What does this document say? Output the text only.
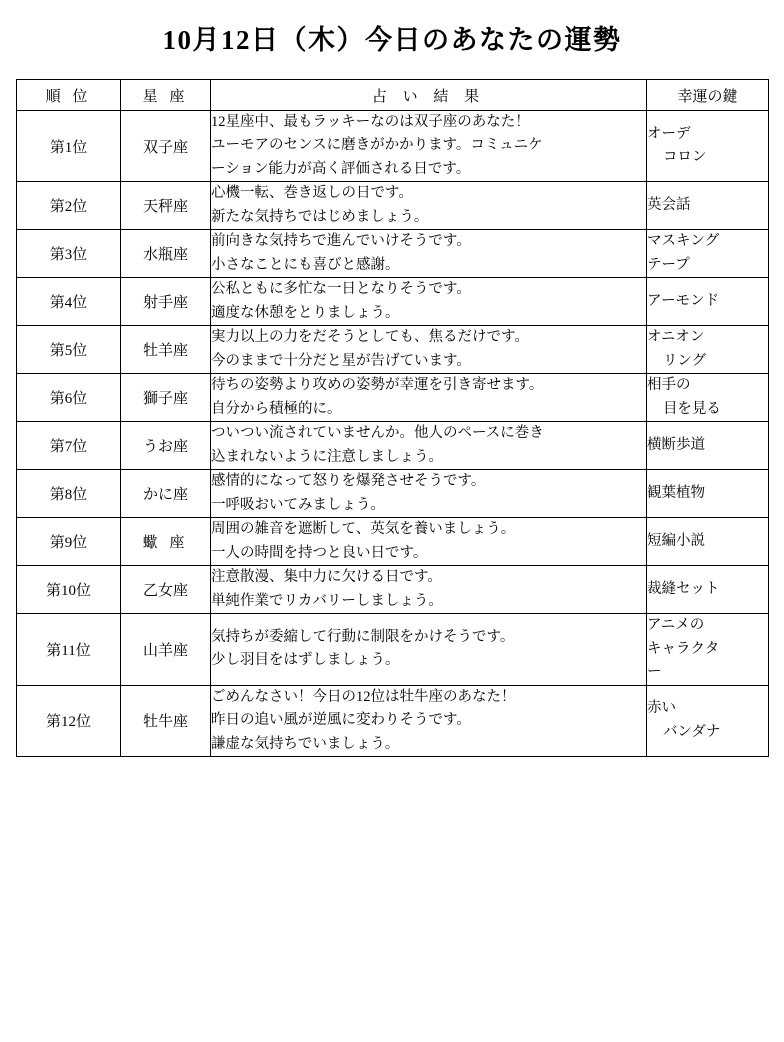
10月12日（木）今日のあなたの運勢
順 位	星 座	占 い 結 果	幸運の鍵
第1位	双子座	12星座中、最もラッキーなのは双子座のあなた！
ユーモアのセンスに磨きがかかります。コミュニケ
ーション能力が高く評価される日です。	オーデ
コロン

第2位	天秤座	心機一転、巻き返しの日です。
新たな気持ちではじめましょう。	英会話

第3位	水瓶座	前向きな気持ちで進んでいけそうです。
小さなことにも喜びと感謝。	マスキング
テープ

第4位	射手座	公私ともに多忙な一日となりそうです。
適度な休憩をとりましょう。	アーモンド

第5位	牡羊座	実力以上の力をだそうとしても、焦るだけです。
今のままで十分だと星が告げています。	オニオン
リング

第6位	獅子座	待ちの姿勢より攻めの姿勢が幸運を引き寄せます。
自分から積極的に。	相手の
目を見る

第7位	うお座	ついつい流されていませんか。他人のペースに巻き
込まれないように注意しましょう。	横断歩道

第8位	かに座	感情的になって怒りを爆発させそうです。
一呼吸おいてみましょう。	観葉植物

第9位	蠍 座	周囲の雑音を遮断して、英気を養いましょう。
一人の時間を持つと良い日です。	短編小説

第10位	乙女座	注意散漫、集中力に欠ける日です。
単純作業でリカバリーしましょう。	裁縫セット

第11位	山羊座	気持ちが委縮して行動に制限をかけそうです。
少し羽目をはずしましょう。	アニメの
キャラクタ
ー

第12位	牡牛座	ごめんなさい！今日の12位は牡牛座のあなた！
昨日の追い風が逆風に変わりそうです。
謙虚な気持ちでいましょう。	赤い
バンダナ
